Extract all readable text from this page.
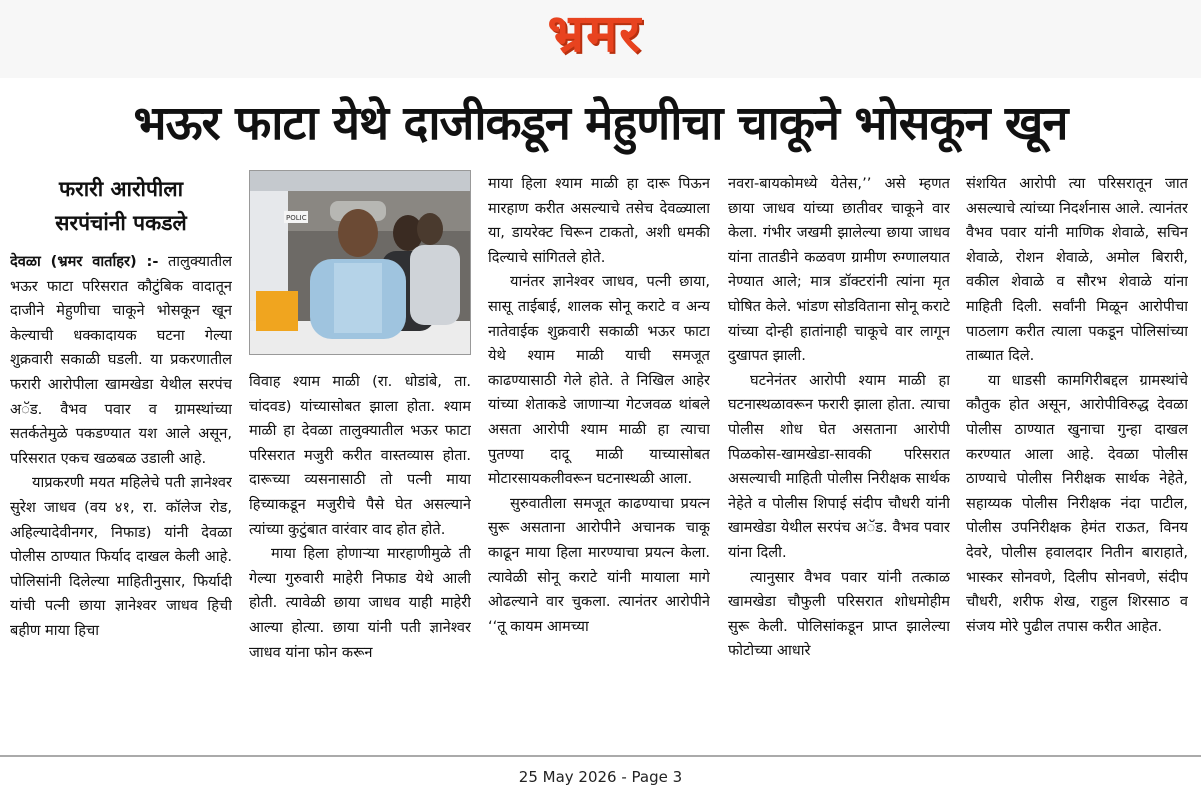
भ्रमर
भऊर फाटा येथे दाजीकडून मेहुणीचा चाकूने भोसकून खून
फरारी आरोपीला
सरपंचांनी पकडले

देवळा (भ्रमर वार्ताहर) :- तालुक्यातील भऊर फाटा परिसरात कौटुंबिक वादातून दाजीने मेहुणीचा चाकूने भोसकून खून केल्याची धक्कादायक घटना गेल्या शुक्रवारी सकाळी घडली. या प्रकरणातील फरारी आरोपीला खामखेडा येथील सरपंच अॅड. वैभव पवार व ग्रामस्थांच्या सतर्कतेमुळे पकडण्यात यश आले असून, परिसरात एकच खळबळ उडाली आहे.

याप्रकरणी मयत महिलेचे पती ज्ञानेश्वर सुरेश जाधव (वय ४१, रा. कॉलेज रोड, अहिल्यादेवीनगर, निफाड) यांनी देवळा पोलीस ठाण्यात फिर्याद दाखल केली आहे. पोलिसांनी दिलेल्या माहितीनुसार, फिर्यादी यांची पत्नी छाया ज्ञानेश्वर जाधव हिची बहीण माया हिचा

POLIC

विवाह श्याम माळी (रा. धोडांबे, ता. चांदवड) यांच्यासोबत झाला होता. श्याम माळी हा देवळा तालुक्यातील भऊर फाटा परिसरात मजुरी करीत वास्तव्यास होता. दारूच्या व्यसनासाठी तो पत्नी माया हिच्याकडून मजुरीचे पैसे घेत असल्याने त्यांच्या कुटुंबात वारंवार वाद होत होते.

माया हिला होणाऱ्या मारहाणीमुळे ती गेल्या गुरुवारी माहेरी निफाड येथे आली होती. त्यावेळी छाया जाधव याही माहेरी आल्या होत्या. छाया यांनी पती ज्ञानेश्वर जाधव यांना फोन करून

माया हिला श्याम माळी हा दारू पिऊन मारहाण करीत असल्याचे तसेच देवळ्याला या, डायरेक्ट चिरून टाकतो, अशी धमकी दिल्याचे सांगितले होते.

यानंतर ज्ञानेश्वर जाधव, पत्नी छाया, सासू ताईबाई, शालक सोनू कराटे व अन्य नातेवाईक शुक्रवारी सकाळी भऊर फाटा येथे श्याम माळी याची समजूत काढण्यासाठी गेले होते. ते निखिल आहेर यांच्या शेताकडे जाणाऱ्या गेटजवळ थांबले असता आरोपी श्याम माळी हा त्याचा पुतण्या दादू माळी याच्यासोबत मोटारसायकलीवरून घटनास्थळी आला.

सुरुवातीला समजूत काढण्याचा प्रयत्न सुरू असताना आरोपीने अचानक चाकू काढून माया हिला मारण्याचा प्रयत्न केला. त्यावेळी सोनू कराटे यांनी मायाला मागे ओढल्याने वार चुकला. त्यानंतर आरोपीने ‘‘तू कायम आमच्या

नवरा-बायकोमध्ये येतेस,’’ असे म्हणत छाया जाधव यांच्या छातीवर चाकूने वार केला. गंभीर जखमी झालेल्या छाया जाधव यांना तातडीने कळवण ग्रामीण रुग्णालयात नेण्यात आले; मात्र डॉक्टरांनी त्यांना मृत घोषित केले. भांडण सोडविताना सोनू कराटे यांच्या दोन्ही हातांनाही चाकूचे वार लागून दुखापत झाली.

घटनेनंतर आरोपी श्याम माळी हा घटनास्थळावरून फरारी झाला होता. त्याचा पोलीस शोध घेत असताना आरोपी पिळकोस-खामखेडा-सावकी परिसरात असल्याची माहिती पोलीस निरीक्षक सार्थक नेहेते व पोलीस शिपाई संदीप चौधरी यांनी खामखेडा येथील सरपंच अॅड. वैभव पवार यांना दिली.

त्यानुसार वैभव पवार यांनी तत्काळ खामखेडा चौफुली परिसरात शोधमोहीम सुरू केली. पोलिसांकडून प्राप्त झालेल्या फोटोच्या आधारे

संशयित आरोपी त्या परिसरातून जात असल्याचे त्यांच्या निदर्शनास आले. त्यानंतर वैभव पवार यांनी माणिक शेवाळे, सचिन शेवाळे, रोशन शेवाळे, अमोल बिरारी, वकील शेवाळे व सौरभ शेवाळे यांना माहिती दिली. सर्वांनी मिळून आरोपीचा पाठलाग करीत त्याला पकडून पोलिसांच्या ताब्यात दिले.

या धाडसी कामगिरीबद्दल ग्रामस्थांचे कौतुक होत असून, आरोपीविरुद्ध देवळा पोलीस ठाण्यात खुनाचा गुन्हा दाखल करण्यात आला आहे. देवळा पोलीस ठाण्याचे पोलीस निरीक्षक सार्थक नेहेते, सहाय्यक पोलीस निरीक्षक नंदा पाटील, पोलीस उपनिरीक्षक हेमंत राऊत, विनय देवरे, पोलीस हवालदार नितीन बाराहाते, भास्कर सोनवणे, दिलीप सोनवणे, संदीप चौधरी, शरीफ शेख, राहुल शिरसाठ व संजय मोरे पुढील तपास करीत आहेत.

25 May 2026 - Page 3
